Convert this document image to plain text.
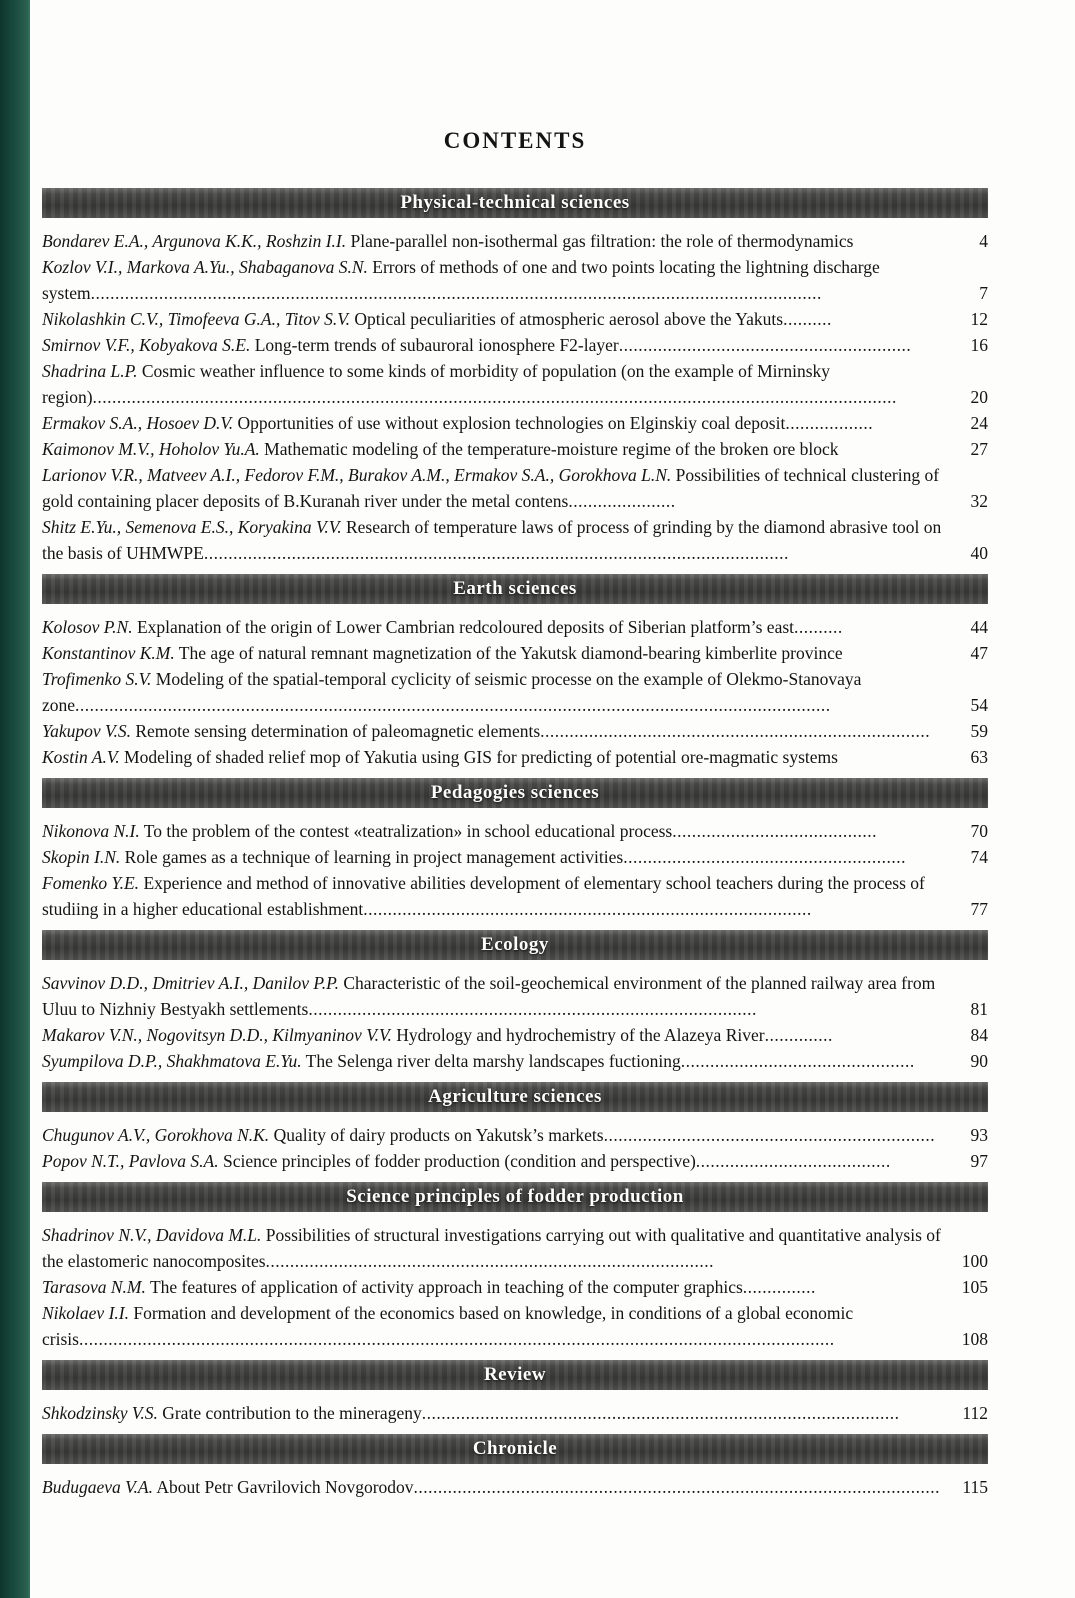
CONTENTS
Physical-technical sciences
Bondarev E.A., Argunova K.K., Roshzin I.I. Plane-parallel non-isothermal gas filtration: the role of thermodynamics	4
Kozlov V.I., Markova A.Yu., Shabaganova S.N. Errors of methods of one and two points locating the lightning discharge system......................................................................................................................................................	7
Nikolashkin C.V., Timofeeva G.A., Titov S.V. Optical peculiarities of atmospheric aerosol above the Yakuts..........	12
Smirnov V.F., Kobyakova S.E. Long-term trends of subauroral ionosphere F2-layer............................................................	16
Shadrina L.P. Cosmic weather influence to some kinds of morbidity of population (on the example of Mirninsky region).....................................................................................................................................................................	20
Ermakov S.A., Hosoev D.V. Opportunities of use without explosion technologies on Elginskiy coal deposit..................	24
Kaimonov M.V., Hoholov Yu.A. Mathematic modeling of the temperature-moisture regime of the broken ore block	27
Larionov V.R., Matveev A.I., Fedorov F.M., Burakov A.M., Ermakov S.A., Gorokhova L.N. Possibilities of technical clustering of gold containing placer deposits of B.Kuranah river under the metal contens......................	32
Shitz E.Yu., Semenova E.S., Koryakina V.V. Research of temperature laws of process of grinding by the diamond abrasive tool on the basis of UHMWPE........................................................................................................................	40
Earth sciences
Kolosov P.N. Explanation of the origin of Lower Cambrian redcoloured deposits of Siberian platform’s east..........	44
Konstantinov K.M. The age of natural remnant magnetization of the Yakutsk diamond-bearing kimberlite province	47
Trofimenko S.V. Modeling of the spatial-temporal cyclicity of seismic processe on the example of Olekmo-Stanovaya zone...........................................................................................................................................................	54
Yakupov V.S. Remote sensing determination of paleomagnetic elements................................................................................	59
Kostin A.V. Modeling of shaded relief mop of Yakutia using GIS for predicting of potential ore-magmatic systems	63
Pedagogies sciences
Nikonova N.I. To the problem of the contest «teatralization» in school educational process..........................................	70
Skopin I.N. Role games as a technique of learning in project management activities..........................................................	74
Fomenko Y.E. Experience and method of innovative abilities development of elementary school teachers during the process of studiing in a higher educational establishment............................................................................................	77
Ecology
Savvinov D.D., Dmitriev A.I., Danilov P.P. Characteristic of the soil-geochemical environment of the planned railway area from Uluu to Nizhniy Bestyakh settlements............................................................................................	81
Makarov V.N., Nogovitsyn D.D., Kilmyaninov V.V. Hydrology and hydrochemistry of the Alazeya River..............	84
Syumpilova D.P., Shakhmatova E.Yu. The Selenga river delta marshy landscapes fuctioning................................................	90
Agriculture sciences
Chugunov A.V., Gorokhova N.K. Quality of dairy products on Yakutsk’s markets....................................................................	93
Popov N.T., Pavlova S.A. Science principles of fodder production (condition and perspective)........................................	97
Science principles of fodder production
Shadrinov N.V., Davidova M.L. Possibilities of structural investigations carrying out with qualitative and quantitative analysis of the elastomeric nanocomposites............................................................................................	100
Tarasova N.M. The features of application of activity approach in teaching of the computer graphics...............	105
Nikolaev I.I. Formation and development of the economics based on knowledge, in conditions of a global economic crisis...........................................................................................................................................................	108
Review
Shkodzinsky V.S. Grate contribution to the minerageny..................................................................................................	112
Chronicle
Budugaeva V.A. About Petr Gavrilovich Novgorodov............................................................................................................	115
